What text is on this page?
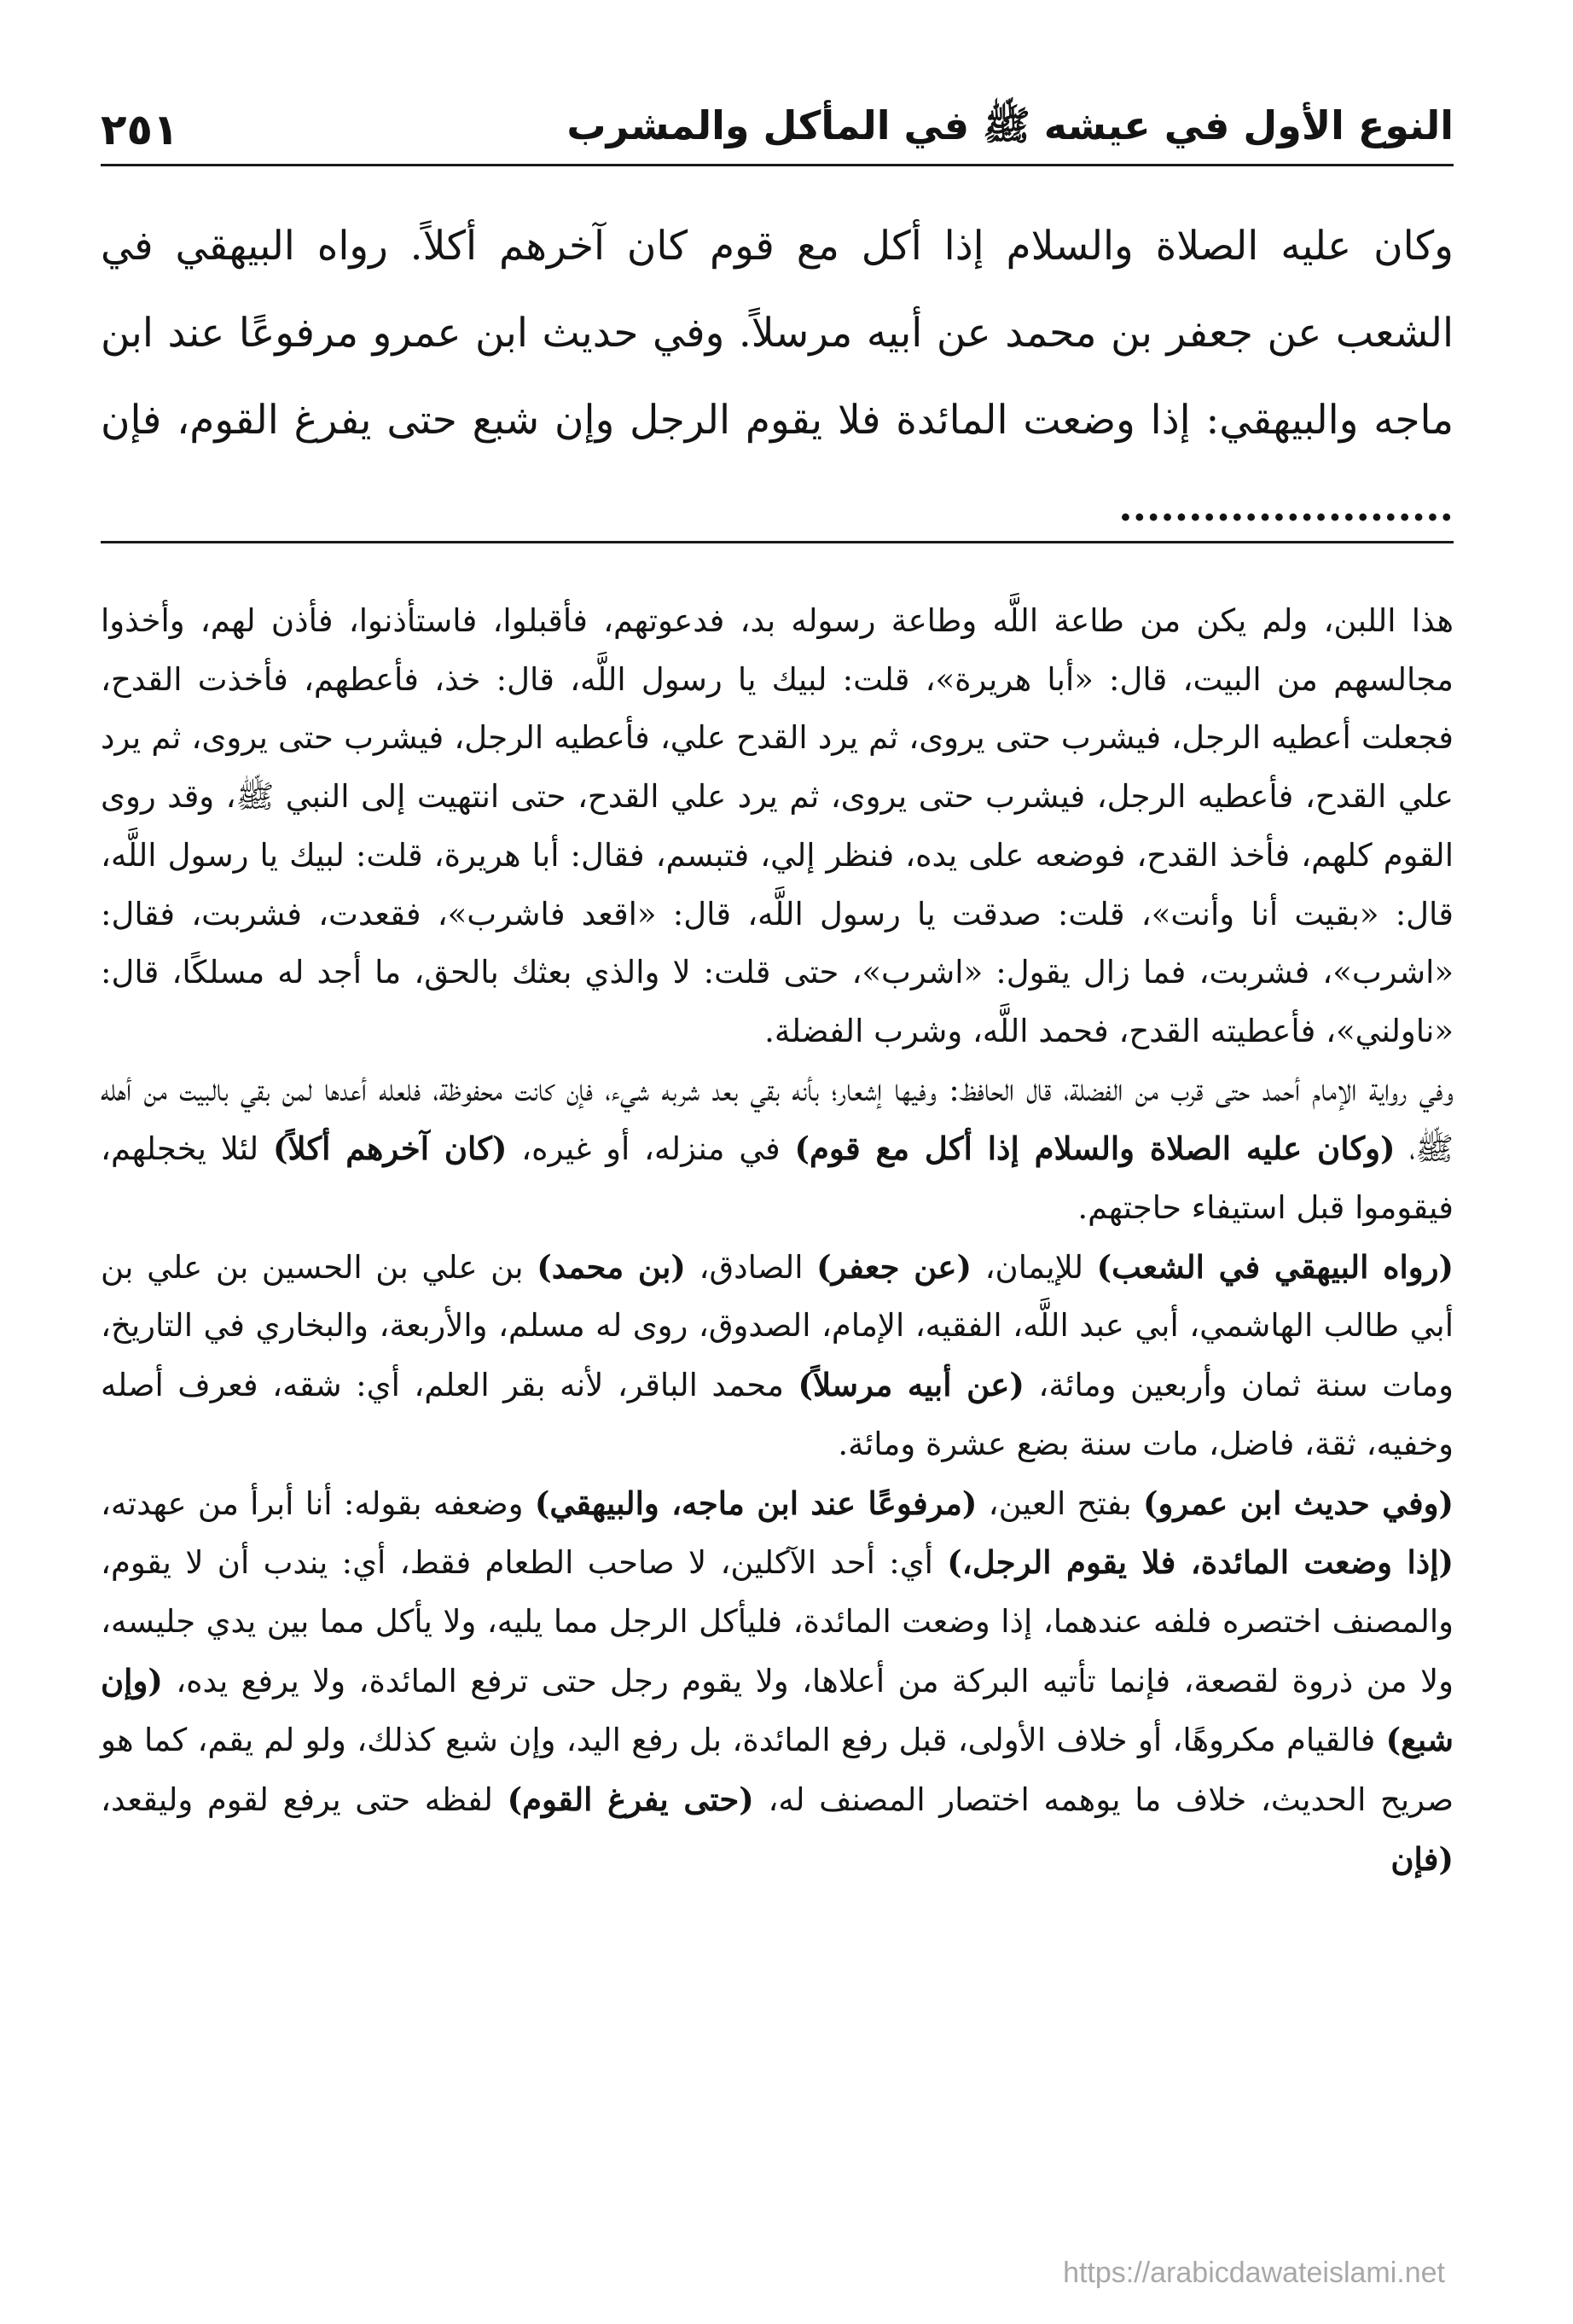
النوع الأول في عيشه ﷺ في المأكل والمشرب
٢٥١

وكان عليه الصلاة والسلام إذا أكل مع قوم كان آخرهم أكلاً. رواه البيهقي في الشعب عن جعفر بن محمد عن أبيه مرسلاً. وفي حديث ابن عمرو مرفوعًا عند ابن ماجه والبيهقي: إذا وضعت المائدة فلا يقوم الرجل وإن شبع حتى يفرغ القوم، فإن ........................

هذا اللبن، ولم يكن من طاعة اللَّه وطاعة رسوله بد، فدعوتهم، فأقبلوا، فاستأذنوا، فأذن لهم، وأخذوا مجالسهم من البيت، قال: «أبا هريرة»، قلت: لبيك يا رسول اللَّه، قال: خذ، فأعطهم، فأخذت القدح، فجعلت أعطيه الرجل، فيشرب حتى يروى، ثم يرد القدح علي، فأعطيه الرجل، فيشرب حتى يروى، ثم يرد علي القدح، فأعطيه الرجل، فيشرب حتى يروى، ثم يرد علي القدح، حتى انتهيت إلى النبي ﷺ، وقد روى القوم كلهم، فأخذ القدح، فوضعه على يده، فنظر إلي، فتبسم، فقال: أبا هريرة، قلت: لبيك يا رسول اللَّه، قال: «بقيت أنا وأنت»، قلت: صدقت يا رسول اللَّه، قال: «اقعد فاشرب»، فقعدت، فشربت، فقال: «اشرب»، فشربت، فما زال يقول: «اشرب»، حتى قلت: لا والذي بعثك بالحق، ما أجد له مسلكًا، قال: «ناولني»، فأعطيته القدح، فحمد اللَّه، وشرب الفضلة.

وفي رواية الإمام أحمد حتى قرب من الفضلة، قال الحافظ: وفيها إشعار؛ بأنه بقي بعد شربه شيء، فإن كانت محفوظة، فلعله أعدها لمن بقي بالبيت من أهله ﷺ، (وكان عليه الصلاة والسلام إذا أكل مع قوم) في منزله، أو غيره، (كان آخرهم أكلاً) لئلا يخجلهم، فيقوموا قبل استيفاء حاجتهم.

(رواه البيهقي في الشعب) للإيمان، (عن جعفر) الصادق، (بن محمد) بن علي بن الحسين بن علي بن أبي طالب الهاشمي، أبي عبد اللَّه، الفقيه، الإمام، الصدوق، روى له مسلم، والأربعة، والبخاري في التاريخ، ومات سنة ثمان وأربعين ومائة، (عن أبيه مرسلاً) محمد الباقر، لأنه بقر العلم، أي: شقه، فعرف أصله وخفيه، ثقة، فاضل، مات سنة بضع عشرة ومائة.

(وفي حديث ابن عمرو) بفتح العين، (مرفوعًا عند ابن ماجه، والبيهقي) وضعفه بقوله: أنا أبرأ من عهدته، (إذا وضعت المائدة، فلا يقوم الرجل،) أي: أحد الآكلين، لا صاحب الطعام فقط، أي: يندب أن لا يقوم، والمصنف اختصره فلفه عندهما، إذا وضعت المائدة، فليأكل الرجل مما يليه، ولا يأكل مما بين يدي جليسه، ولا من ذروة لقصعة، فإنما تأتيه البركة من أعلاها، ولا يقوم رجل حتى ترفع المائدة، ولا يرفع يده، (وإن شبع) فالقيام مكروهًا، أو خلاف الأولى، قبل رفع المائدة، بل رفع اليد، وإن شبع كذلك، ولو لم يقم، كما هو صريح الحديث، خلاف ما يوهمه اختصار المصنف له، (حتى يفرغ القوم) لفظه حتى يرفع لقوم وليقعد، (فإن

https://arabicdawateislami.net
